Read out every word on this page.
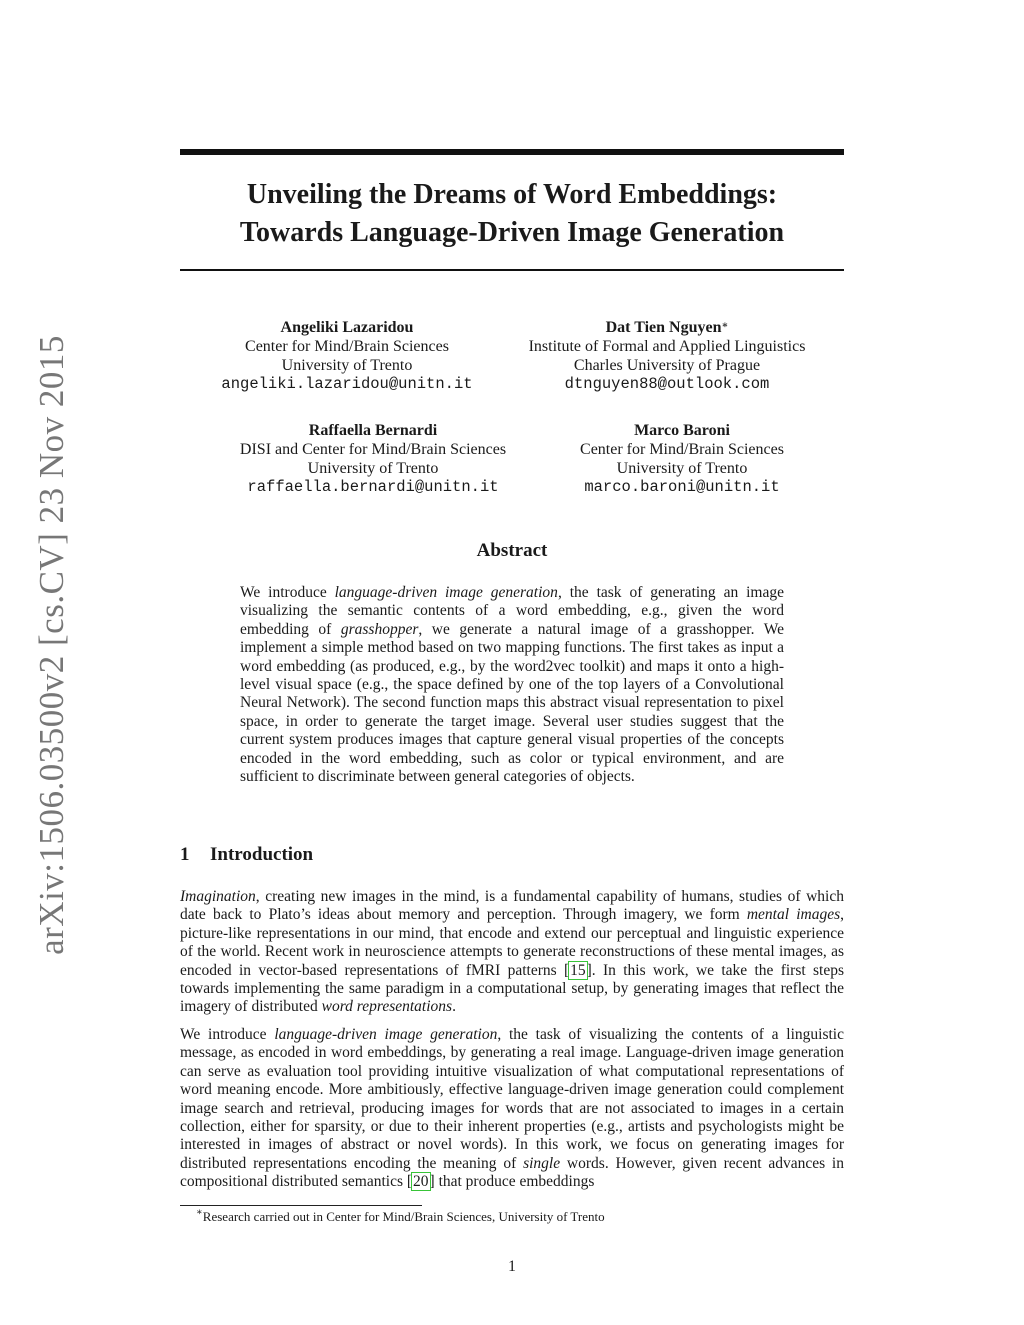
arXiv:1506.03500v2 [cs.CV] 23 Nov 2015
Unveiling the Dreams of Word Embeddings:
Towards Language-Driven Image Generation
Angeliki Lazaridou
Center for Mind/Brain Sciences
University of Trento
angeliki.lazaridou@unitn.it
Dat Tien Nguyen∗
Institute of Formal and Applied Linguistics
Charles University of Prague
dtnguyen88@outlook.com
Raffaella Bernardi
DISI and Center for Mind/Brain Sciences
University of Trento
raffaella.bernardi@unitn.it
Marco Baroni
Center for Mind/Brain Sciences
University of Trento
marco.baroni@unitn.it
Abstract
We introduce language-driven image generation, the task of generating an image visualizing the semantic contents of a word embedding, e.g., given the word embedding of grasshopper, we generate a natural image of a grasshopper. We implement a simple method based on two mapping functions. The first takes as input a word embedding (as produced, e.g., by the word2vec toolkit) and maps it onto a high-level visual space (e.g., the space defined by one of the top layers of a Convolutional Neural Network). The second function maps this abstract visual representation to pixel space, in order to generate the target image. Several user studies suggest that the current system produces images that capture general visual properties of the concepts encoded in the word embedding, such as color or typical environment, and are sufficient to discriminate between general categories of objects.
1 Introduction
Imagination, creating new images in the mind, is a fundamental capability of humans, studies of which date back to Plato’s ideas about memory and perception. Through imagery, we form mental images, picture-like representations in our mind, that encode and extend our perceptual and linguistic experience of the world. Recent work in neuroscience attempts to generate reconstructions of these mental images, as encoded in vector-based representations of fMRI patterns [15]. In this work, we take the first steps towards implementing the same paradigm in a computational setup, by generating images that reflect the imagery of distributed word representations.
We introduce language-driven image generation, the task of visualizing the contents of a linguistic message, as encoded in word embeddings, by generating a real image. Language-driven image generation can serve as evaluation tool providing intuitive visualization of what computational representations of word meaning encode. More ambitiously, effective language-driven image generation could complement image search and retrieval, producing images for words that are not associated to images in a certain collection, either for sparsity, or due to their inherent properties (e.g., artists and psychologists might be interested in images of abstract or novel words). In this work, we focus on generating images for distributed representations encoding the meaning of single words. However, given recent advances in compositional distributed semantics [20] that produce embeddings
∗Research carried out in Center for Mind/Brain Sciences, University of Trento
1
